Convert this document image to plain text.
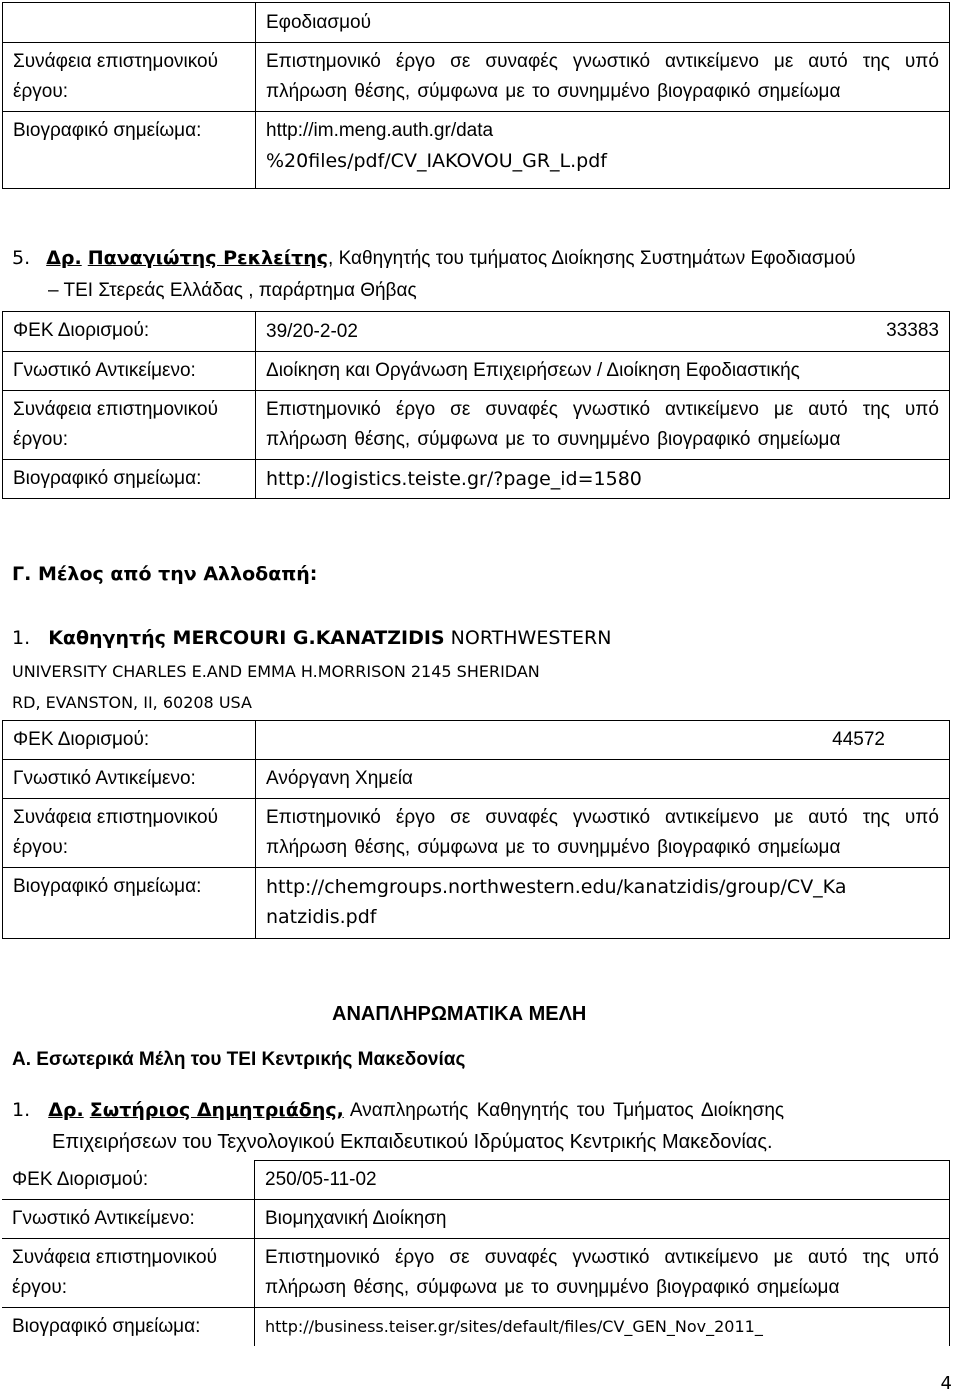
	Εφοδιασμού
Συνάφεια επιστημονικού έργου:	Επιστημονικό έργο σε συναφές γνωστικό αντικείμενο με αυτό της υπό πλήρωση θέσης, σύμφωνα με το συνημμένο βιογραφικό σημείωμα
Βιογραφικό σημείωμα:	http://im.meng.auth.gr/data
%20files/pdf/CV_IAKOVOU_GR_L.pdf
5. Δρ. Παναγιώτης Ρεκλείτης, Καθηγητής του τμήματος Διοίκησης Συστημάτων Εφοδιασμού
– ΤΕΙ Στερεάς Ελλάδας , παράρτημα Θήβας
ΦΕΚ Διορισμού:	39/20-2-02 33383

Γνωστικό Αντικείμενο:	Διοίκηση και Οργάνωση Επιχειρήσεων / Διοίκηση Εφοδιαστικής
Συνάφεια επιστημονικού έργου:	Επιστημονικό έργο σε συναφές γνωστικό αντικείμενο με αυτό της υπό πλήρωση θέσης, σύμφωνα με το συνημμένο βιογραφικό σημείωμα
Βιογραφικό σημείωμα:	http://logistics.teiste.gr/?page_id=1580
Γ. Μέλος από την Αλλοδαπή:
1. Καθηγητής MERCOURI G.KANATZIDIS NORTHWESTERN
UNIVERSITY CHARLES E.AND EMMA H.MORRISON 2145 SHERIDAN
RD, EVANSTON, II, 60208 USA
ΦΕΚ Διορισμού:	44572

Γνωστικό Αντικείμενο:	Ανόργανη Χημεία
Συνάφεια επιστημονικού έργου:	Επιστημονικό έργο σε συναφές γνωστικό αντικείμενο με αυτό της υπό πλήρωση θέσης, σύμφωνα με το συνημμένο βιογραφικό σημείωμα
Βιογραφικό σημείωμα:	http://chemgroups.northwestern.edu/kanatzidis/group/CV_Ka
natzidis.pdf
ΑΝΑΠΛΗΡΩΜΑΤΙΚΑ ΜΕΛΗ
Α. Εσωτερικά Μέλη του ΤΕΙ Κεντρικής Μακεδονίας
1. Δρ. Σωτήριος Δημητριάδης, Αναπληρωτής Καθηγητής του Τμήματος Διοίκησης
Επιχειρήσεων του Τεχνολογικού Εκπαιδευτικού Ιδρύματος Κεντρικής Μακεδονίας.
ΦΕΚ Διορισμού:	250/05-11-02
Γνωστικό Αντικείμενο:	Βιομηχανική Διοίκηση
Συνάφεια επιστημονικού έργου:	Επιστημονικό έργο σε συναφές γνωστικό αντικείμενο με αυτό της υπό πλήρωση θέσης, σύμφωνα με το συνημμένο βιογραφικό σημείωμα
Βιογραφικό σημείωμα:	http://business.teiser.gr/sites/default/files/CV_GEN_Nov_2011_
4
